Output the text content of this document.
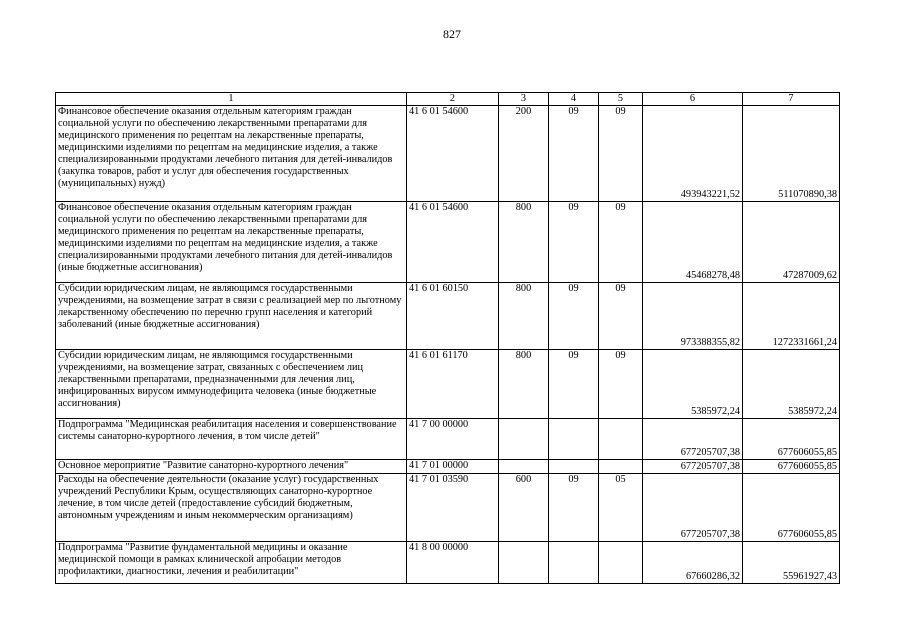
827
1	2	3	4	5	6	7
Финансовое обеспечение оказания отдельным категориям граждан социальной услуги по обеспечению лекарственными препаратами для медицинского применения по рецептам на лекарственные препараты, медицинскими изделиями по рецептам на медицинские изделия, а также специализированными продуктами лечебного питания для детей-инвалидов (закупка товаров, работ и услуг для обеспечения государственных (муниципальных) нужд)	41 6 01 54600	200	09	09	493943221,52	511070890,38
Финансовое обеспечение оказания отдельным категориям граждан социальной услуги по обеспечению лекарственными препаратами для медицинского применения по рецептам на лекарственные препараты, медицинскими изделиями по рецептам на медицинские изделия, а также специализированными продуктами лечебного питания для детей-инвалидов (иные бюджетные ассигнования)	41 6 01 54600	800	09	09	45468278,48	47287009,62
Субсидии юридическим лицам, не являющимся государственными учреждениями, на возмещение затрат в связи с реализацией мер по льготному лекарственному обеспечению по перечню групп населения и категорий заболеваний (иные бюджетные ассигнования)	41 6 01 60150	800	09	09	973388355,82	1272331661,24
Субсидии юридическим лицам, не являющимся государственными учреждениями, на возмещение затрат, связанных с обеспечением лиц лекарственными препаратами, предназначенными для лечения лиц, инфицированных вирусом иммунодефицита человека (иные бюджетные ассигнования)	41 6 01 61170	800	09	09	5385972,24	5385972,24
Подпрограмма "Медицинская реабилитация населения и совершенствование системы санаторно-курортного лечения, в том числе детей"	41 7 00 00000				677205707,38	677606055,85
Основное мероприятие "Развитие санаторно-курортного лечения"	41 7 01 00000				677205707,38	677606055,85
Расходы на обеспечение деятельности (оказание услуг) государственных учреждений Республики Крым, осуществляющих санаторно-курортное лечение, в том числе детей (предоставление субсидий бюджетным, автономным учреждениям и иным некоммерческим организациям)	41 7 01 03590	600	09	05	677205707,38	677606055,85
Подпрограмма "Развитие фундаментальной медицины и оказание медицинской помощи в рамках клинической апробации методов профилактики, диагностики, лечения и реабилитации"	41 8 00 00000				67660286,32	55961927,43
